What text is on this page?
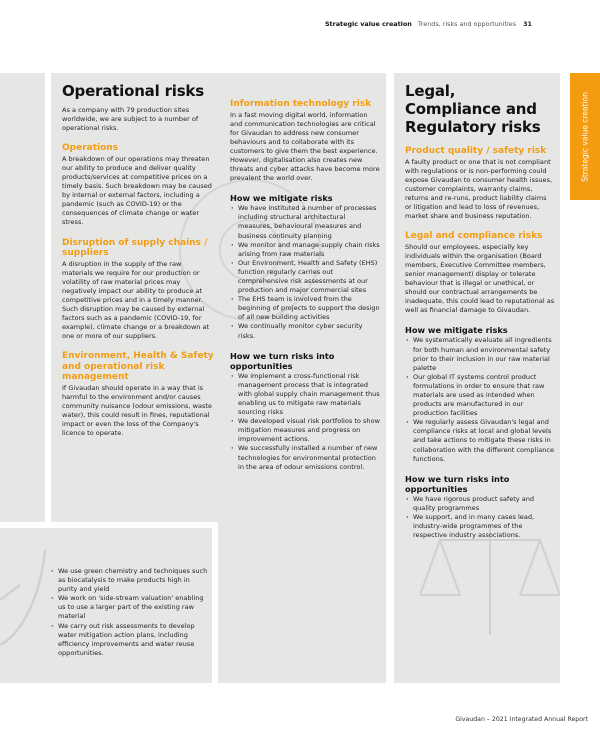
Strategic value creation Trends, risks and opportunities 31
Strategic value creation
Operational risks

As a company with 79 production sites worldwide, we are subject to a number of operational risks.

Operations

A breakdown of our operations may threaten our ability to produce and deliver quality products/services at competitive prices on a timely basis. Such breakdown may be caused by internal or external factors, including a pandemic (such as COVID-19) or the consequences of climate change or water stress.

Disruption of supply chains / suppliers

A disruption in the supply of the raw materials we require for our production or volatility of raw material prices may negatively impact our ability to produce at competitive prices and in a timely manner. Such disruption may be caused by external factors such as a pandemic (COVID-19, for example), climate change or a breakdown at one or more of our suppliers.

Environment, Health & Safety and operational risk management

If Givaudan should operate in a way that is harmful to the environment and/or causes community nuisance (odour emissions, waste water), this could result in fines, reputational impact or even the loss of the Company's licence to operate.

· We use green chemistry and techniques such as biocatalysis to make products high in purity and yield
· We work on 'side-stream valuation' enabling us to use a larger part of the existing raw material
· We carry out risk assessments to develop water mitigation action plans, including efficiency improvements and water reuse opportunities.
Information technology risk

In a fast moving digital world, information and communication technologies are critical for Givaudan to address new consumer behaviours and to collaborate with its customers to give them the best experience. However, digitalisation also creates new threats and cyber attacks have become more prevalent the world over.

How we mitigate risks
· We have instituted a number of processes including structural architectural measures, behavioural measures and business continuity planning
· We monitor and manage supply chain risks arising from raw materials
· Our Environment, Health and Safety (EHS) function regularly carries out comprehensive risk assessments at our production and major commercial sites
· The EHS team is involved from the beginning of projects to support the design of all new building activities
· We continually monitor cyber security risks.
How we turn risks into opportunities
· We implement a cross-functional risk management process that is integrated with global supply chain management thus enabling us to mitigate raw materials sourcing risks
· We developed visual risk portfolios to show mitigation measures and progress on improvement actions.
· We successfully installed a number of new technologies for environmental protection in the area of odour emissions control.
Legal, Compliance and Regulatory risks
Product quality / safety risk

A faulty product or one that is not compliant with regulations or is non-performing could expose Givaudan to consumer health issues, customer complaints, warranty claims, returns and re-runs, product liability claims or litigation and lead to loss of revenues, market share and business reputation.

Legal and compliance risks

Should our employees, especially key individuals within the organisation (Board members, Executive Committee members, senior management) display or tolerate behaviour that is illegal or unethical, or should our contractual arrangements be inadequate, this could lead to reputational as well as financial damage to Givaudan.

How we mitigate risks
· We systematically evaluate all ingredients for both human and environmental safety prior to their inclusion in our raw material palette
· Our global IT systems control product formulations in order to ensure that raw materials are used as intended when products are manufactured in our production facilities
· We regularly assess Givaudan's legal and compliance risks at local and global levels and take actions to mitigate these risks in collaboration with the different compliance functions.
How we turn risks into opportunities
· We have rigorous product safety and quality programmes
· We support, and in many cases lead, industry-wide programmes of the respective industry associations.
Givaudan – 2021 Integrated Annual Report
